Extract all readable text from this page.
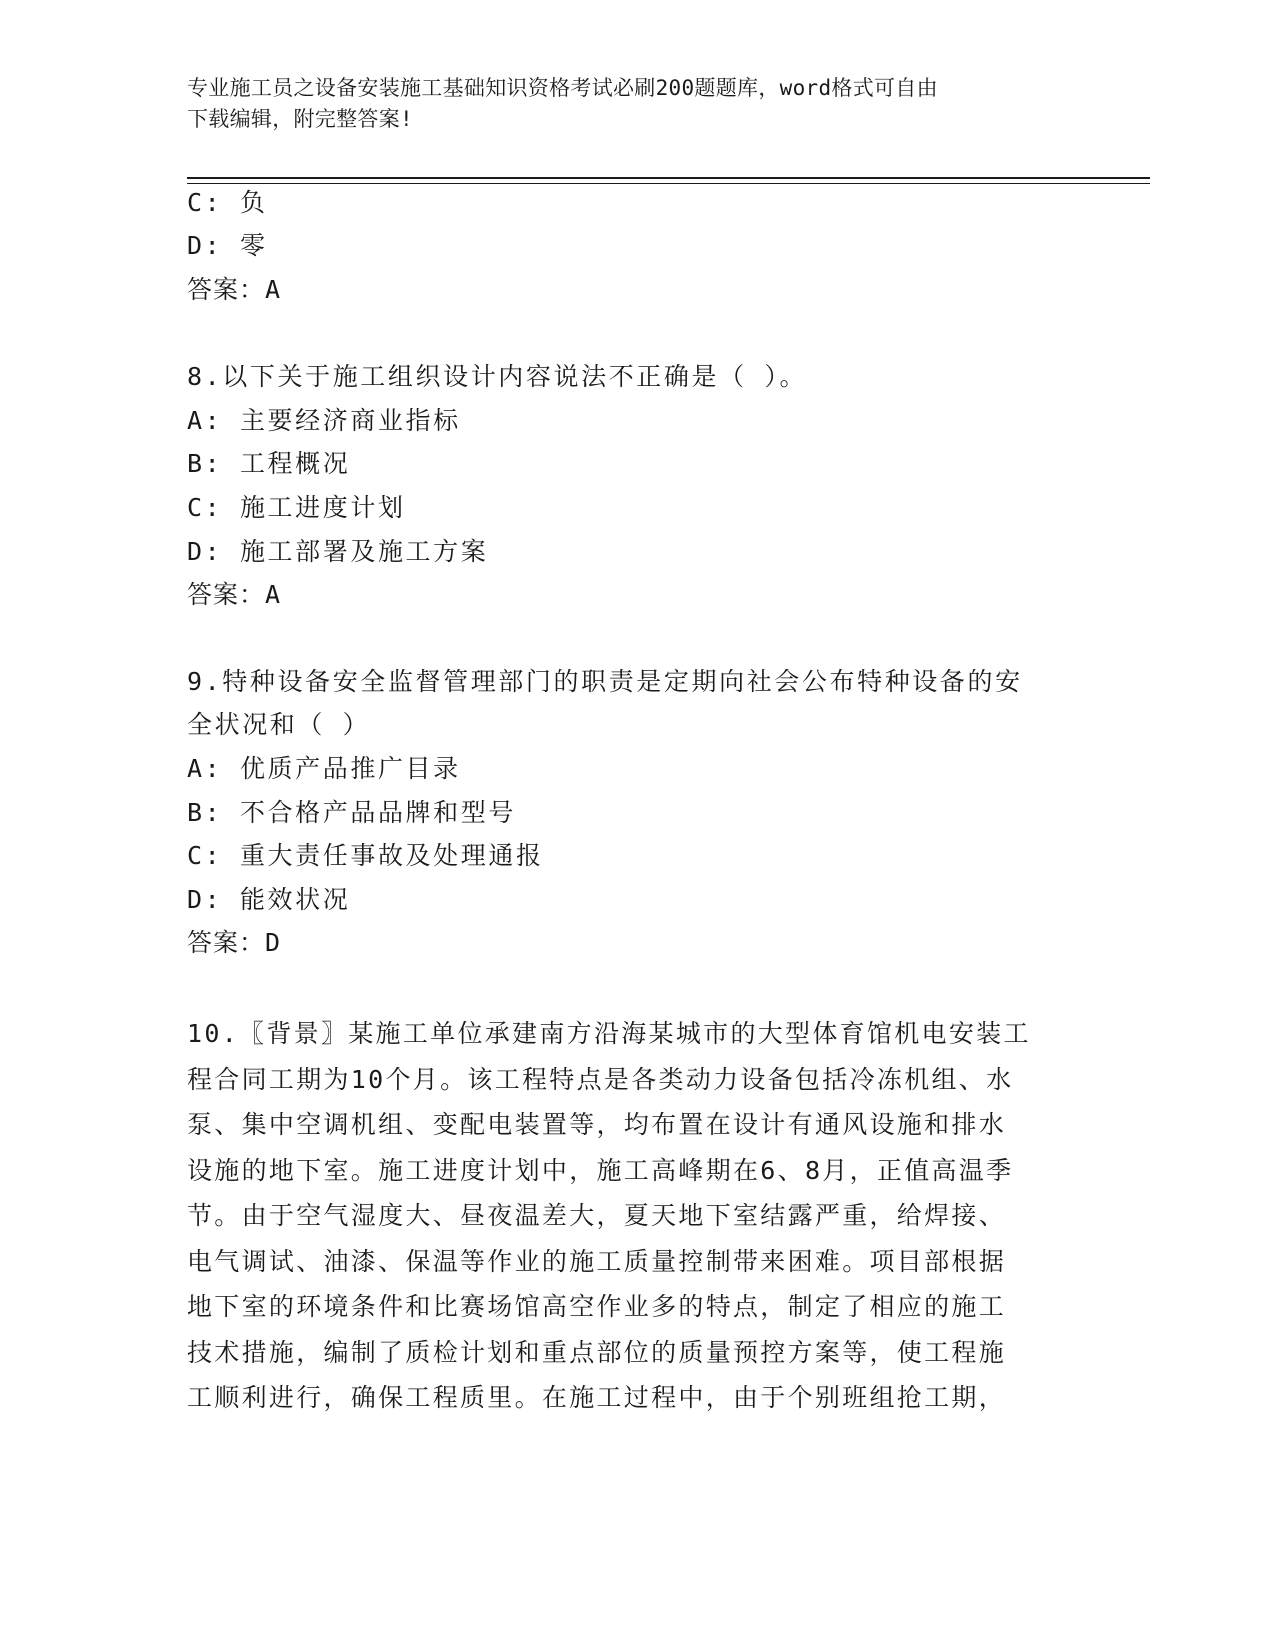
专业施工员之设备安装施工基础知识资格考试必刷200题题库，word格式可自由
下载编辑，附完整答案!
C: 负
D: 零
答案：A
8.以下关于施工组织设计内容说法不正确是（ ）。
A: 主要经济商业指标
B: 工程概况
C: 施工进度计划
D: 施工部署及施工方案
答案：A
9.特种设备安全监督管理部门的职责是定期向社会公布特种设备的安
全状况和（ ）
A: 优质产品推广目录
B: 不合格产品品牌和型号
C: 重大责任事故及处理通报
D: 能效状况
答案：D
10.〖背景〗某施工单位承建南方沿海某城市的大型体育馆机电安装工
程合同工期为10个月。该工程特点是各类动力设备包括冷冻机组、水
泵、集中空调机组、变配电装置等，均布置在设计有通风设施和排水
设施的地下室。施工进度计划中，施工高峰期在6、8月，正值高温季
节。由于空气湿度大、昼夜温差大，夏天地下室结露严重，给焊接、
电气调试、油漆、保温等作业的施工质量控制带来困难。项目部根据
地下室的环境条件和比赛场馆高空作业多的特点，制定了相应的施工
技术措施，编制了质检计划和重点部位的质量预控方案等，使工程施
工顺利进行，确保工程质里。在施工过程中，由于个别班组抢工期，
